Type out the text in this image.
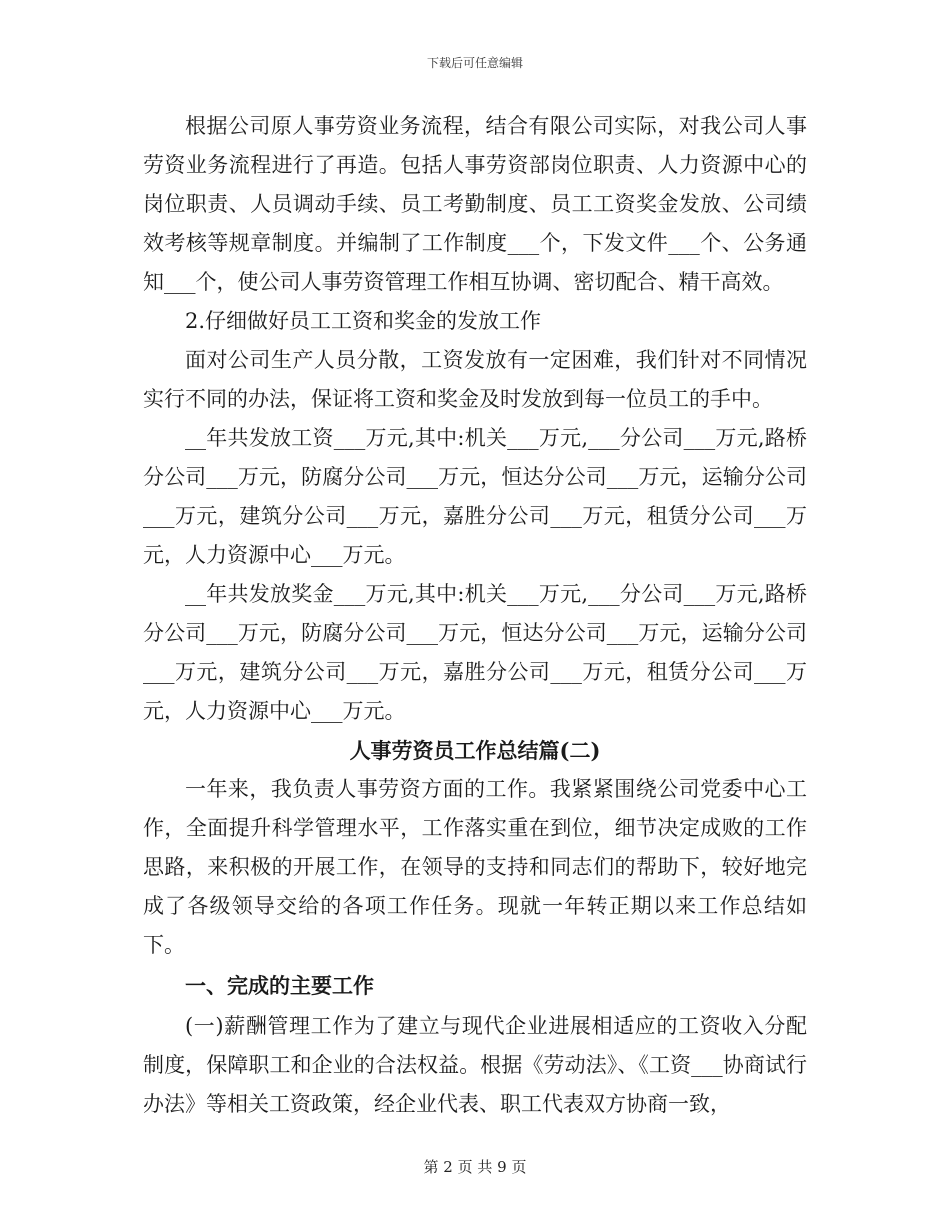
下载后可任意编辑

根据公司原人事劳资业务流程，结合有限公司实际，对我公司人事劳资业务流程进行了再造。包括人事劳资部岗位职责、人力资源中心的岗位职责、人员调动手续、员工考勤制度、员工工资奖金发放、公司绩效考核等规章制度。并编制了工作制度___个，下发文件___个、公务通知___个，使公司人事劳资管理工作相互协调、密切配合、精干高效。

2.仔细做好员工工资和奖金的发放工作

面对公司生产人员分散，工资发放有一定困难，我们针对不同情况实行不同的办法，保证将工资和奖金及时发放到每一位员工的手中。

__年共发放工资___万元,其中:机关___万元,___分公司___万元,路桥分公司___万元，防腐分公司___万元，恒达分公司___万元，运输分公司___万元，建筑分公司___万元，嘉胜分公司___万元，租赁分公司___万元，人力资源中心___万元。

__年共发放奖金___万元,其中:机关___万元,___分公司___万元,路桥分公司___万元，防腐分公司___万元，恒达分公司___万元，运输分公司___万元，建筑分公司___万元，嘉胜分公司___万元，租赁分公司___万元，人力资源中心___万元。

人事劳资员工作总结篇(二)

一年来，我负责人事劳资方面的工作。我紧紧围绕公司党委中心工作，全面提升科学管理水平，工作落实重在到位，细节决定成败的工作思路，来积极的开展工作，在领导的支持和同志们的帮助下，较好地完成了各级领导交给的各项工作任务。现就一年转正期以来工作总结如下。

一、完成的主要工作

(一)薪酬管理工作为了建立与现代企业进展相适应的工资收入分配制度，保障职工和企业的合法权益。根据《劳动法》、《工资___协商试行办法》等相关工资政策，经企业代表、职工代表双方协商一致，

第 2 页 共 9 页
